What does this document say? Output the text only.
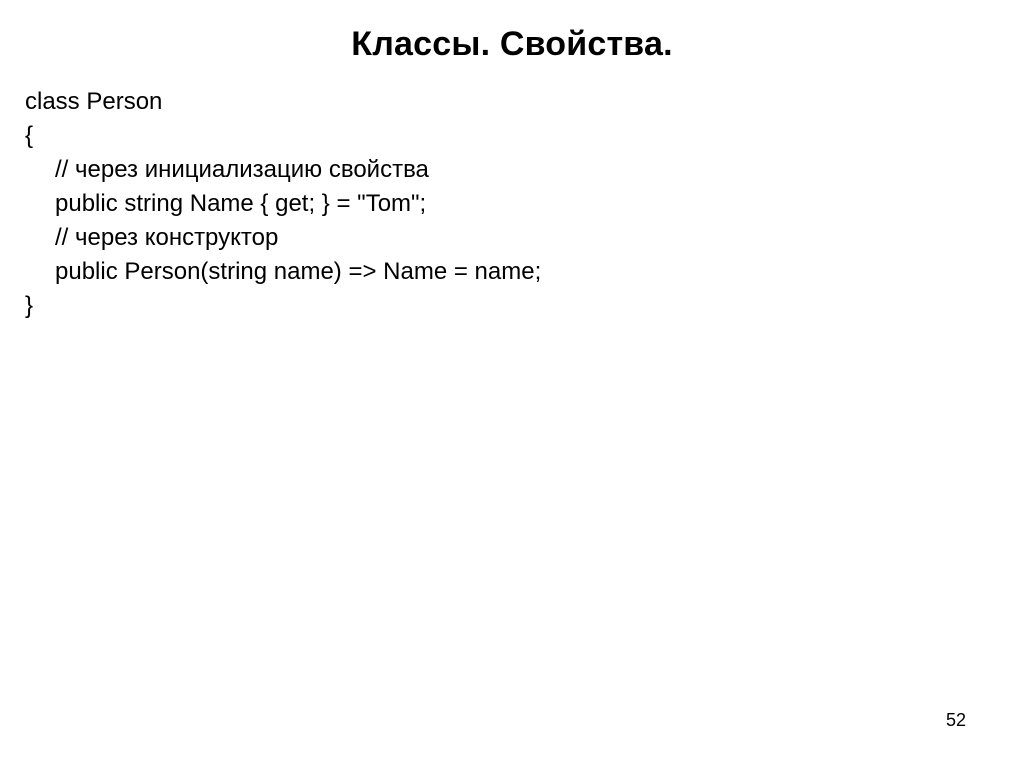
Классы. Свойства.
class Person
{
// через инициализацию свойства
public string Name { get; } = "Tom";
// через конструктор
public Person(string name) => Name = name;
}
52
